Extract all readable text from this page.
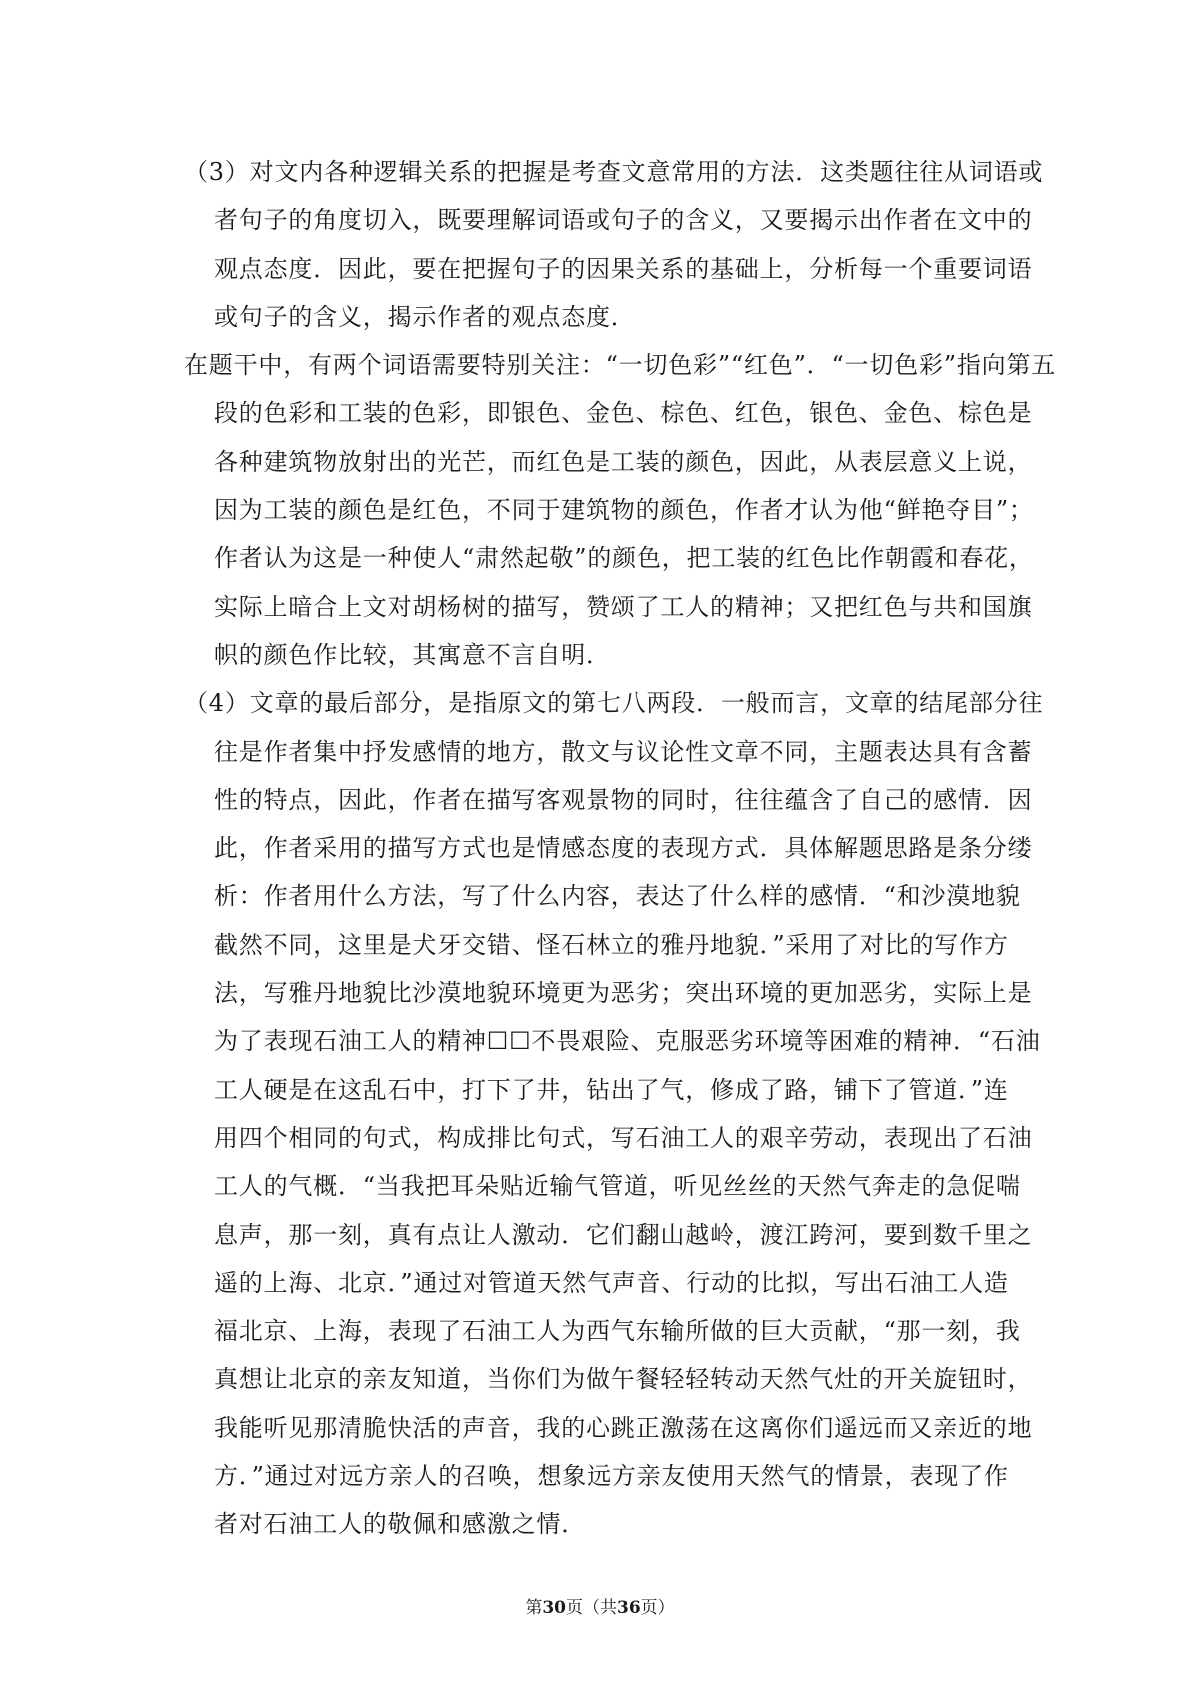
（3）对文内各种逻辑关系的把握是考查文意常用的方法．这类题往往从词语或
者句子的角度切入，既要理解词语或句子的含义，又要揭示出作者在文中的
观点态度．因此，要在把握句子的因果关系的基础上，分析每一个重要词语
或句子的含义，揭示作者的观点态度．
在题干中，有两个词语需要特别关注：“一切色彩”“红色”．“一切色彩”指向第五
段的色彩和工装的色彩，即银色、金色、棕色、红色，银色、金色、棕色是
各种建筑物放射出的光芒，而红色是工装的颜色，因此，从表层意义上说，
因为工装的颜色是红色，不同于建筑物的颜色，作者才认为他“鲜艳夺目”；
作者认为这是一种使人“肃然起敬”的颜色，把工装的红色比作朝霞和春花，
实际上暗合上文对胡杨树的描写，赞颂了工人的精神；又把红色与共和国旗
帜的颜色作比较，其寓意不言自明．
（4）文章的最后部分，是指原文的第七八两段．一般而言，文章的结尾部分往
往是作者集中抒发感情的地方，散文与议论性文章不同，主题表达具有含蓄
性的特点，因此，作者在描写客观景物的同时，往往蕴含了自己的感情．因
此，作者采用的描写方式也是情感态度的表现方式．具体解题思路是条分缕
析：作者用什么方法，写了什么内容，表达了什么样的感情．“和沙漠地貌
截然不同，这里是犬牙交错、怪石林立的雅丹地貌．”采用了对比的写作方
法，写雅丹地貌比沙漠地貌环境更为恶劣；突出环境的更加恶劣，实际上是
为了表现石油工人的精神☐☐不畏艰险、克服恶劣环境等困难的精神．“石油
工人硬是在这乱石中，打下了井，钻出了气，修成了路，铺下了管道．”连
用四个相同的句式，构成排比句式，写石油工人的艰辛劳动，表现出了石油
工人的气概．“当我把耳朵贴近输气管道，听见丝丝的天然气奔走的急促喘
息声，那一刻，真有点让人激动．它们翻山越岭，渡江跨河，要到数千里之
遥的上海、北京．”通过对管道天然气声音、行动的比拟，写出石油工人造
福北京、上海，表现了石油工人为西气东输所做的巨大贡献，“那一刻，我
真想让北京的亲友知道，当你们为做午餐轻轻转动天然气灶的开关旋钮时，
我能听见那清脆快活的声音，我的心跳正激荡在这离你们遥远而又亲近的地
方．”通过对远方亲人的召唤，想象远方亲友使用天然气的情景，表现了作
者对石油工人的敬佩和感激之情．
第30页（共36页）
